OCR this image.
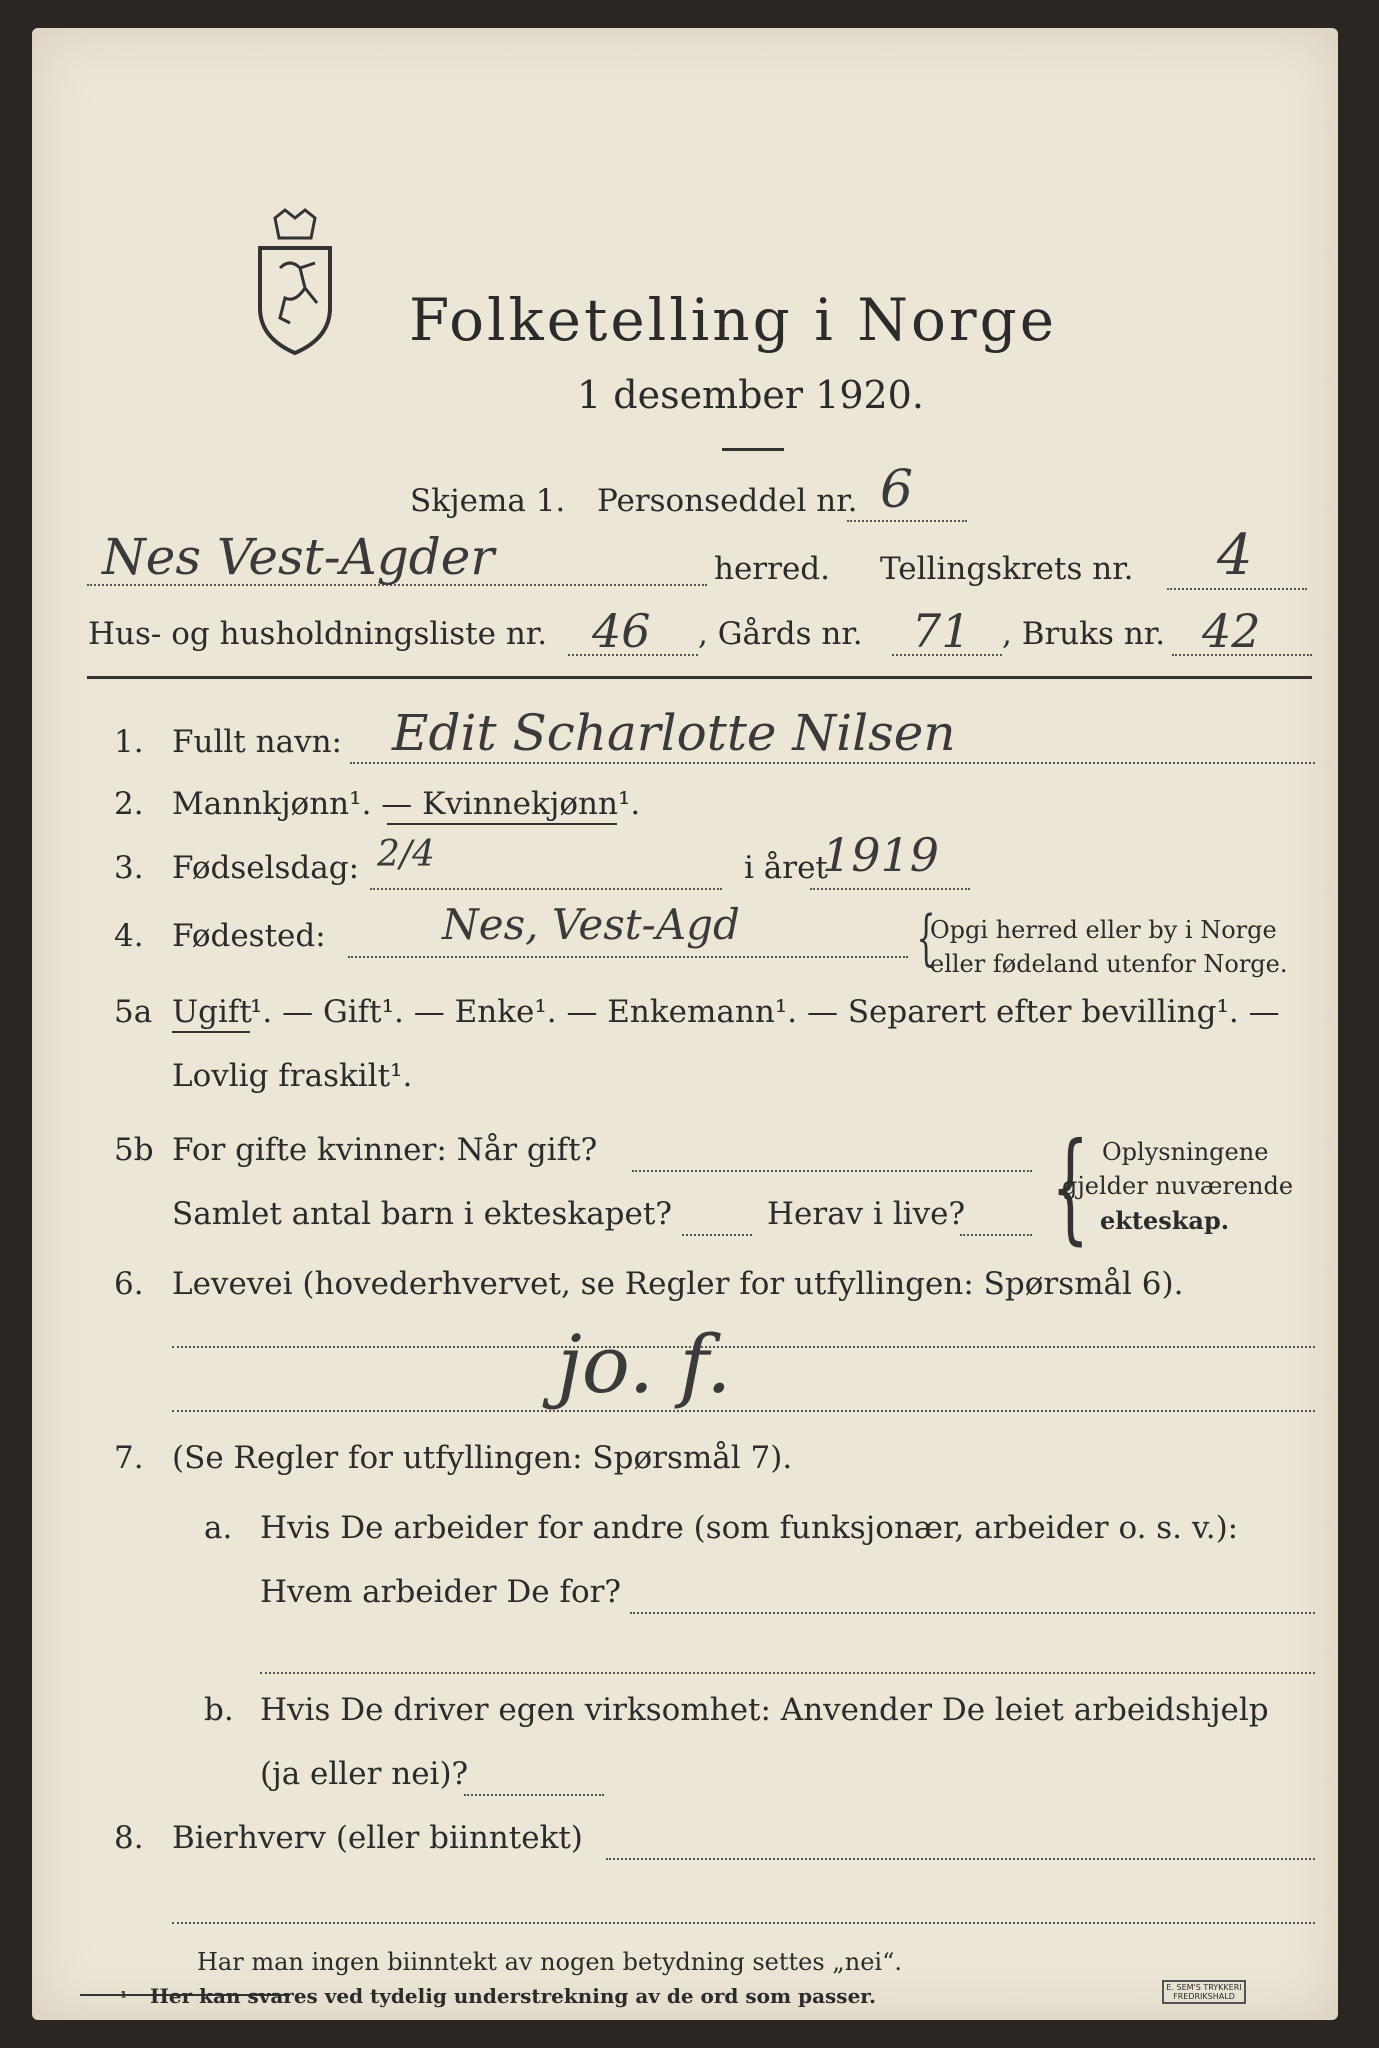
Folketelling i Norge
1 desember 1920.
Skjema 1. Personseddel nr. 6
Nes Vest-Agder	herred. Tellingskrets nr. 4
Hus- og husholdningsliste nr. 46 , Gårds nr. 71 , Bruks nr. 42
1. Fullt navn: Edit Scharlotte Nilsen
2. Mannkjønn¹. — Kvinnekjønn¹.
3. Fødselsdag: 2/4	i året
1919
4. Fødested:	Nes, Vest-Agd	{
Opgi herred eller by i Norge
eller fødeland utenfor Norge.
5a Ugift
¹. — Gift¹. — Enke¹. — Enkemann¹. — Separert efter bevilling¹. —
Lovlig fraskilt¹.
5b For gifte kvinner: Når gift?
Samlet antal barn i ekteskapet?	Herav i live? { Oplysningene
gjelder nuværende
ekteskap.
6. Levevei (hovederhvervet, se Regler for utfyllingen: Spørsmål 6).
jo. f.
7. (Se Regler for utfyllingen: Spørsmål 7).
a. Hvis De arbeider for andre (som funksjonær, arbeider o. s. v.):
Hvem arbeider De for?
b. Hvis De driver egen virksomhet: Anvender De leiet arbeidshjelp
(ja eller nei)?
8. Bierhverv (eller biinntekt)
Har man ingen biinntekt av nogen betydning settes „nei“.
¹ Her kan svares ved tydelig understrekning av de ord som passer.	E. SEM'S TRYKKERI
FREDRIKSHALD
